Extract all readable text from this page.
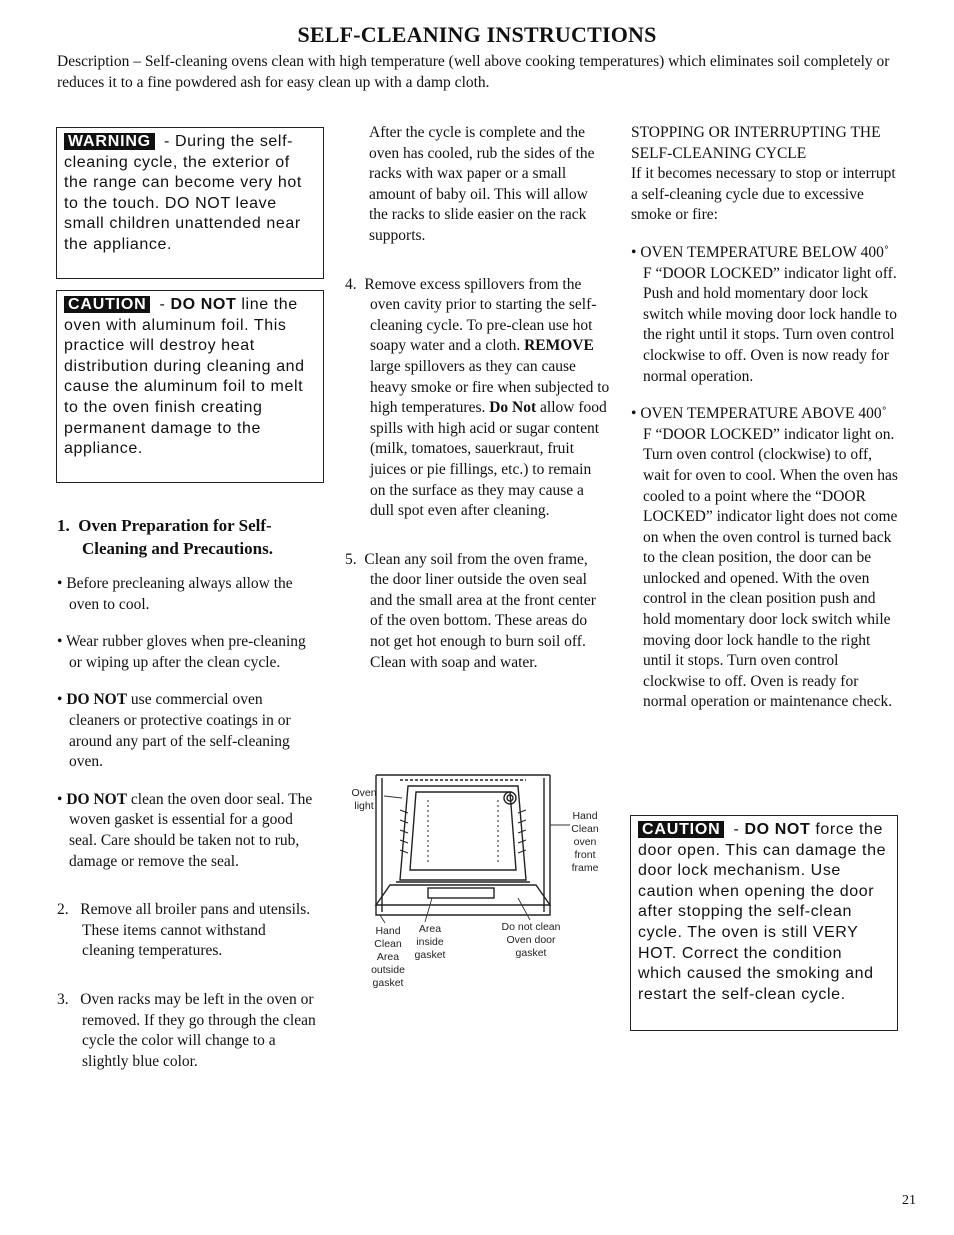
SELF-CLEANING INSTRUCTIONS
Description – Self-cleaning ovens clean with high temperature (well above cooking temperatures) which eliminates soil completely or reduces it to a fine powdered ash for easy clean up with a damp cloth.
WARNING - During the self-cleaning cycle, the exterior of the range can become very hot to the touch. DO NOT leave small children unattended near the appliance.
CAUTION - DO NOT line the oven with aluminum foil. This practice will destroy heat distribution during cleaning and cause the aluminum foil to melt to the oven finish creating permanent damage to the appliance.
1. Oven Preparation for Self-Cleaning and Precautions.
• Before precleaning always allow the oven to cool.
• Wear rubber gloves when pre-cleaning or wiping up after the clean cycle.
• DO NOT use commercial oven cleaners or protective coatings in or around any part of the self-cleaning oven.
• DO NOT clean the oven door seal. The woven gasket is essential for a good seal. Care should be taken not to rub, damage or remove the seal.
2. Remove all broiler pans and utensils. These items cannot withstand cleaning temperatures.
3. Oven racks may be left in the oven or removed. If they go through the clean cycle the color will change to a slightly blue color.
After the cycle is complete and the oven has cooled, rub the sides of the racks with wax paper or a small amount of baby oil. This will allow the racks to slide easier on the rack supports.
4. Remove excess spillovers from the oven cavity prior to starting the self-cleaning cycle. To pre-clean use hot soapy water and a cloth. REMOVE large spillovers as they can cause heavy smoke or fire when subjected to high temperatures. Do Not allow food spills with high acid or sugar content (milk, tomatoes, sauerkraut, fruit juices or pie fillings, etc.) to remain on the surface as they may cause a dull spot even after cleaning.
5. Clean any soil from the oven frame, the door liner outside the oven seal and the small area at the front center of the oven bottom. These areas do not get hot enough to burn soil off. Clean with soap and water.
Oven light
Hand Clean oven front frame
Hand Clean Area outside gasket
Area inside gasket
Do not clean Oven door gasket
STOPPING OR INTERRUPTING THE SELF-CLEANING CYCLE
If it becomes necessary to stop or interrupt a self-cleaning cycle due to excessive smoke or fire:
• OVEN TEMPERATURE BELOW 400˚ F “DOOR LOCKED” indicator light off. Push and hold momentary door lock switch while moving door lock handle to the right until it stops. Turn oven control clockwise to off. Oven is now ready for normal operation.
• OVEN TEMPERATURE ABOVE 400˚ F “DOOR LOCKED” indicator light on. Turn oven control (clockwise) to off, wait for oven to cool. When the oven has cooled to a point where the “DOOR LOCKED” indicator light does not come on when the oven control is turned back to the clean position, the door can be unlocked and opened. With the oven control in the clean position push and hold momentary door lock switch while moving door lock handle to the right until it stops. Turn oven control clockwise to off. Oven is ready for normal operation or maintenance check.
CAUTION - DO NOT force the door open. This can damage the door lock mechanism. Use caution when opening the door after stopping the self-clean cycle. The oven is still VERY HOT. Correct the condition which caused the smoking and restart the self-clean cycle.
21
